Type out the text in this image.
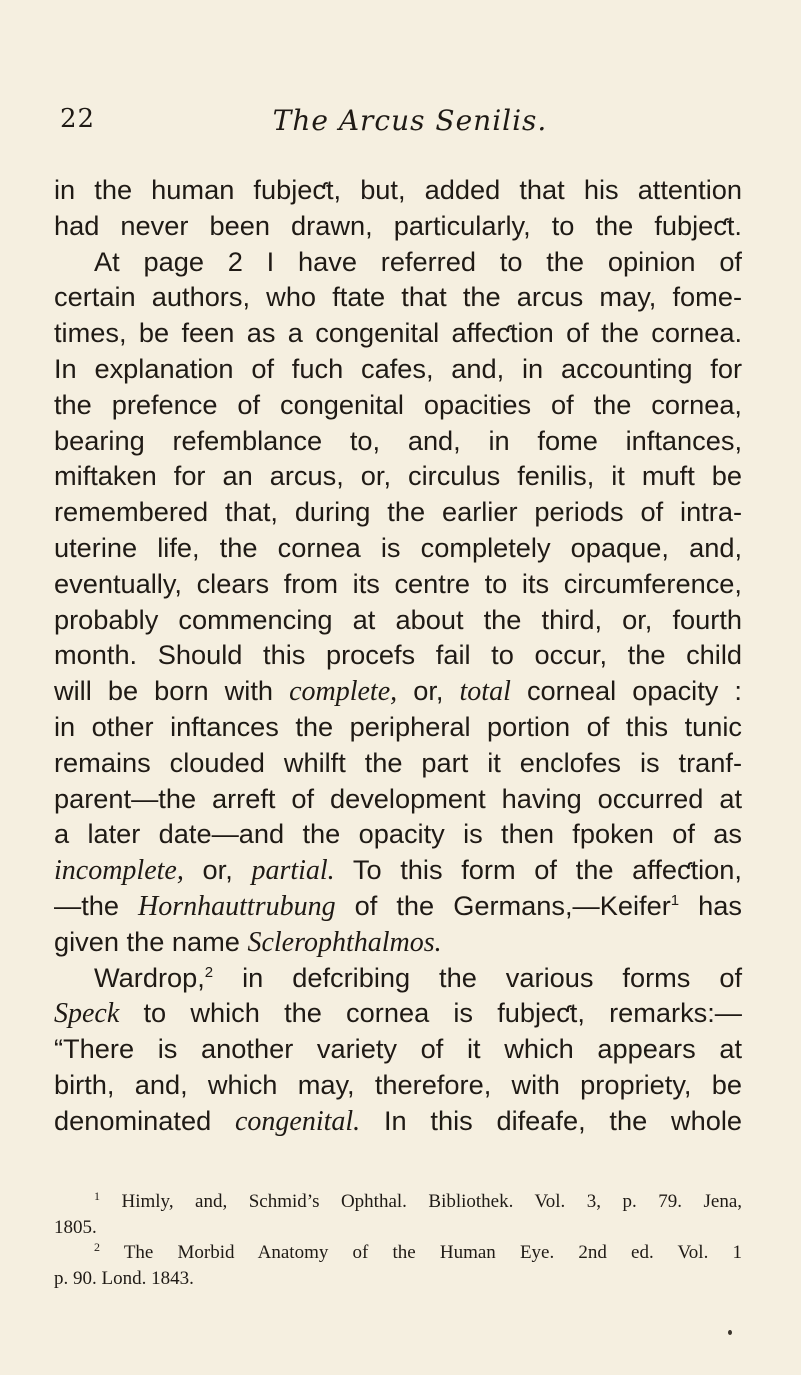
22	The Arcus Senilis.
in the human fubjeƈt, but, added that his attention
had never been drawn, particularly, to the fubjeƈt.
At page 2 I have referred to the opinion of
certain authors, who ftate that the arcus may, fome-
times, be feen as a congenital affeƈtion of the cornea.
In explanation of fuch cafes, and, in accounting for
the prefence of congenital opacities of the cornea,
bearing refemblance to, and, in fome inftances,
miftaken for an arcus, or, circulus fenilis, it muft be
remembered that, during the earlier periods of intra-
uterine life, the cornea is completely opaque, and,
eventually, clears from its centre to its circumference,
probably commencing at about the third, or, fourth
month. Should this procefs fail to occur, the child
will be born with complete, or, total corneal opacity :
in other inftances the peripheral portion of this tunic
remains clouded whilft the part it enclofes is tranf-
parent—the arreft of development having occurred at
a later date—and the opacity is then fpoken of as
incomplete, or, partial. To this form of the affeƈtion,
—the Hornhauttrubung of the Germans,—Keifer$^1$ has
given the name Sclerophthalmos.
Wardrop,$^2$ in defcribing the various forms of
Speck to which the cornea is fubjeƈt, remarks:—
“There is another variety of it which appears at
birth, and, which may, therefore, with propriety, be
denominated congenital. In this difeafe, the whole
$^1$ Himly, and, Schmid’s Ophthal. Bibliothek. Vol. 3, p. 79. Jena,
1805.
$^2$ The Morbid Anatomy of the Human Eye. 2nd ed. Vol. 1
p. 90. Lond. 1843.
